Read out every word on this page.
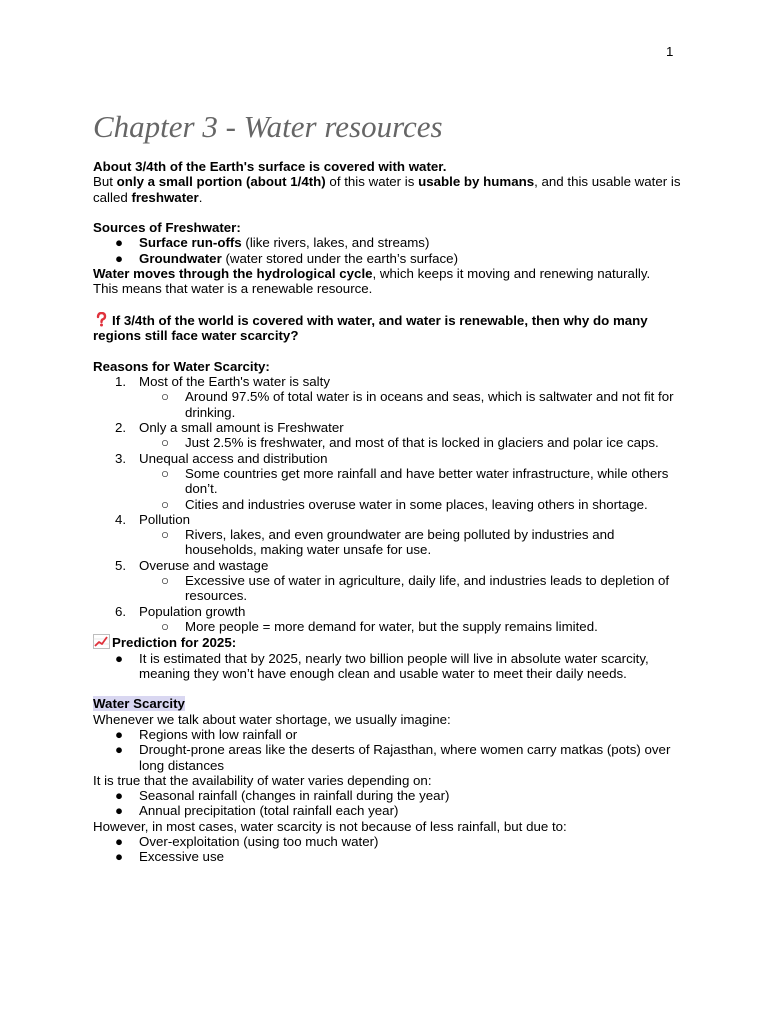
1
Chapter 3 - Water resources

About 3/4th of the Earth's surface is covered with water.

But only a small portion (about 1/4th) of this water is usable by humans, and this usable water is called freshwater.

Sources of Freshwater:

● Surface run-offs (like rivers, lakes, and streams)
● Groundwater (water stored under the earth’s surface)

Water moves through the hydrological cycle, which keeps it moving and renewing naturally.

This means that water is a renewable resource.

If 3/4th of the world is covered with water, and water is renewable, then why do many regions still face water scarcity?

Reasons for Water Scarcity:

1. Most of the Earth's water is salty
○ Around 97.5% of total water is in oceans and seas, which is saltwater and not fit for drinking.
2. Only a small amount is Freshwater
○ Just 2.5% is freshwater, and most of that is locked in glaciers and polar ice caps.
3. Unequal access and distribution
○ Some countries get more rainfall and have better water infrastructure, while others don’t.
○ Cities and industries overuse water in some places, leaving others in shortage.
4. Pollution
○ Rivers, lakes, and even groundwater are being polluted by industries and households, making water unsafe for use.
5. Overuse and wastage
○ Excessive use of water in agriculture, daily life, and industries leads to depletion of resources.
6. Population growth
○ More people = more demand for water, but the supply remains limited.

Prediction for 2025:

● It is estimated that by 2025, nearly two billion people will live in absolute water scarcity, meaning they won’t have enough clean and usable water to meet their daily needs.

Water Scarcity

Whenever we talk about water shortage, we usually imagine:

● Regions with low rainfall or
● Drought-prone areas like the deserts of Rajasthan, where women carry matkas (pots) over long distances

It is true that the availability of water varies depending on:

● Seasonal rainfall (changes in rainfall during the year)
● Annual precipitation (total rainfall each year)

However, in most cases, water scarcity is not because of less rainfall, but due to:

● Over-exploitation (using too much water)
● Excessive use
